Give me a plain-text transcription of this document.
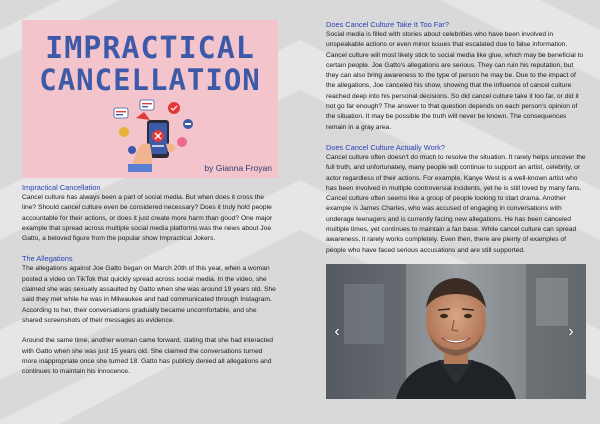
IMPRACTICAL
CANCELLATION
by Gianna Froyan
Impractical Cancellation
Cancel culture has always been a part of social media. But when does it cross the line? Should cancel culture even be considered necessary? Does it truly hold people accountable for their actions, or does it just create more harm than good? One major example that spread across multiple social media platforms was the news about Joe Gatto, a beloved figure from the popular show Impractical Jokers.
The Allegations
The allegations against Joe Gatto began on March 20th of this year, when a woman posted a video on TikTok that quickly spread across social media. In the video, she claimed she was sexually assaulted by Gatto when she was around 19 years old. She said they met while he was in Milwaukee and had communicated through Instagram. According to her, their conversations gradually became uncomfortable, and she shared screenshots of their messages as evidence.
Around the same time, another woman came forward, stating that she had interacted with Gatto when she was just 15 years old. She claimed the conversations turned more inappropriate once she turned 18. Gatto has publicly denied all allegations and continues to maintain his innocence.
Does Cancel Culture Take It Too Far?
Social media is filled with stories about celebrities who have been involved in unspeakable actions or even minor issues that escalated due to false information. Cancel culture will most likely stick to social media like glue, which may be beneficial to certain people. Joe Gatto's allegations are serious. They can ruin his reputation, but they can also bring awareness to the type of person he may be. Due to the impact of the allegations, Joe canceled his show, showing that the influence of cancel culture reached deep into his personal decisions. So did cancel culture take it too far, or did it not go far enough? The answer to that question depends on each person's opinion of the situation. It may be possible the truth will never be known. The consequences remain in a gray area.
Does Cancel Culture Actually Work?
Cancel culture often doesn't do much to resolve the situation. It rarely helps uncover the full truth, and unfortunately, many people will continue to support an artist, celebrity, or actor regardless of their actions. For example, Kanye West is a well-known artist who has been involved in multiple controversial incidents, yet he is still loved by many fans. Cancel culture often seems like a group of people looking to start drama. Another example is James Charles, who was accused of engaging in conversations with underage teenagers and is currently facing new allegations. He has been canceled multiple times, yet continues to maintain a fan base. While cancel culture can spread awareness, it rarely works completely. Even then, there are plenty of examples of people who have faced serious accusations and are still supported.
‹	›
